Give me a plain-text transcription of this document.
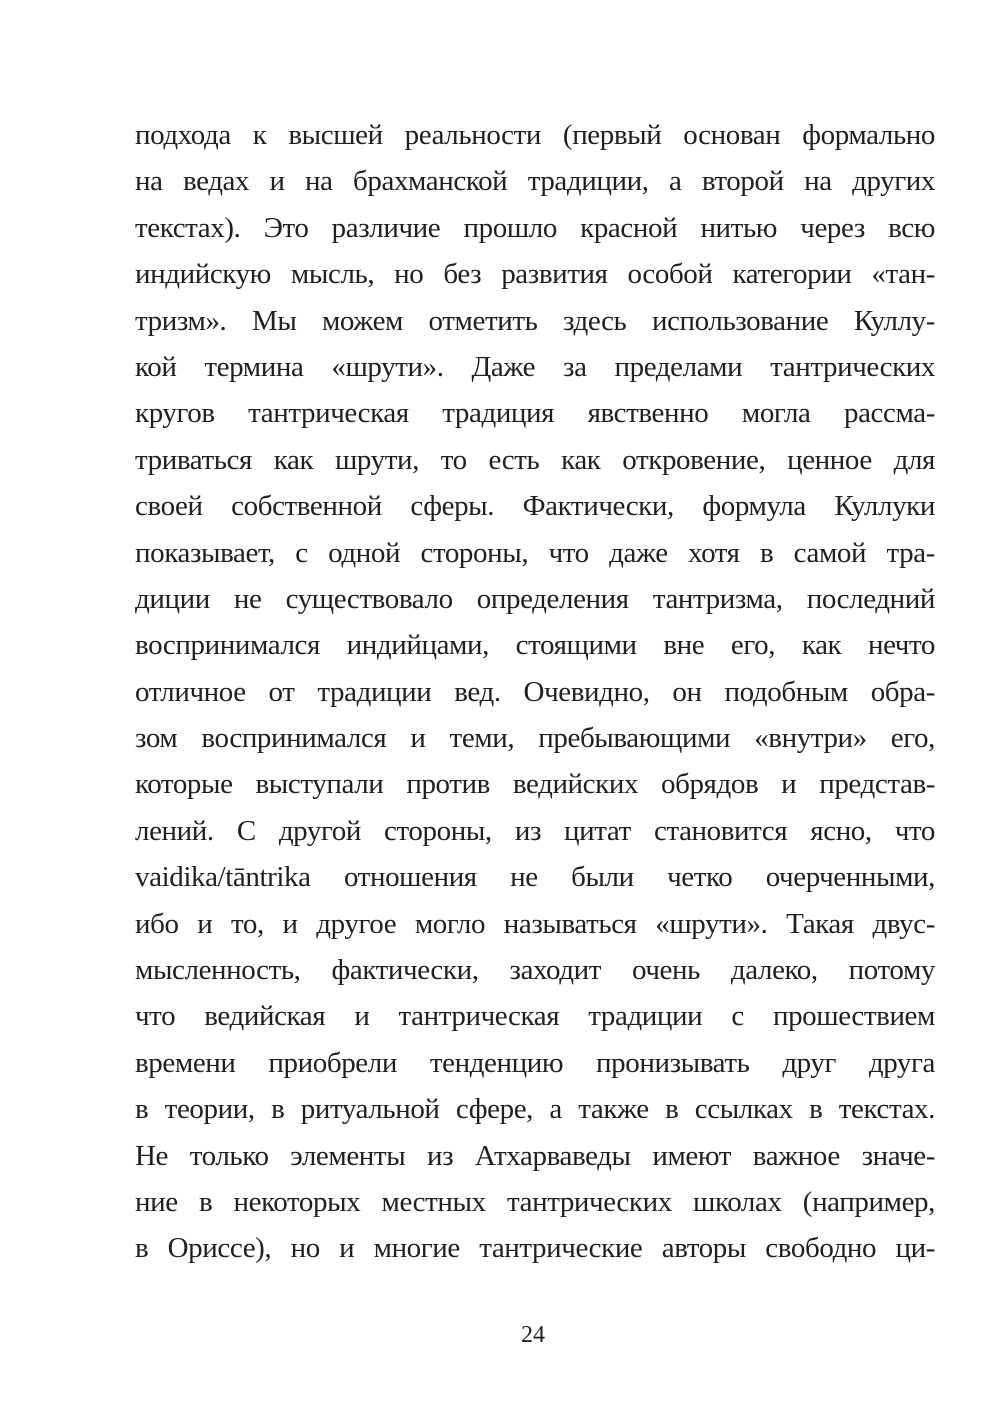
подхода к высшей реальности (первый основан формально
на ведах и на брахманской традиции, а второй на других
текстах). Это различие прошло красной нитью через всю
индийскую мысль, но без развития особой категории «тан-
тризм». Мы можем отметить здесь использование Куллу-
кой термина «шрути». Даже за пределами тантрических
кругов тантрическая традиция явственно могла рассма-
триваться как шрути, то есть как откровение, ценное для
своей собственной сферы. Фактически, формула Куллуки
показывает, с одной стороны, что даже хотя в самой тра-
диции не существовало определения тантризма, последний
воспринимался индийцами, стоящими вне его, как нечто
отличное от традиции вед. Очевидно, он подобным обра-
зом воспринимался и теми, пребывающими «внутри» его,
которые выступали против ведийских обрядов и представ-
лений. С другой стороны, из цитат становится ясно, что
vaidika/tāntrika отношения не были четко очерченными,
ибо и то, и другое могло называться «шрути». Такая двус-
мысленность, фактически, заходит очень далеко, потому
что ведийская и тантрическая традиции с прошествием
времени приобрели тенденцию пронизывать друг друга
в теории, в ритуальной сфере, а также в ссылках в текстах.
Не только элементы из Атхарваведы имеют важное значе-
ние в некоторых местных тантрических школах (например,
в Ориссе), но и многие тантрические авторы свободно ци-
24
